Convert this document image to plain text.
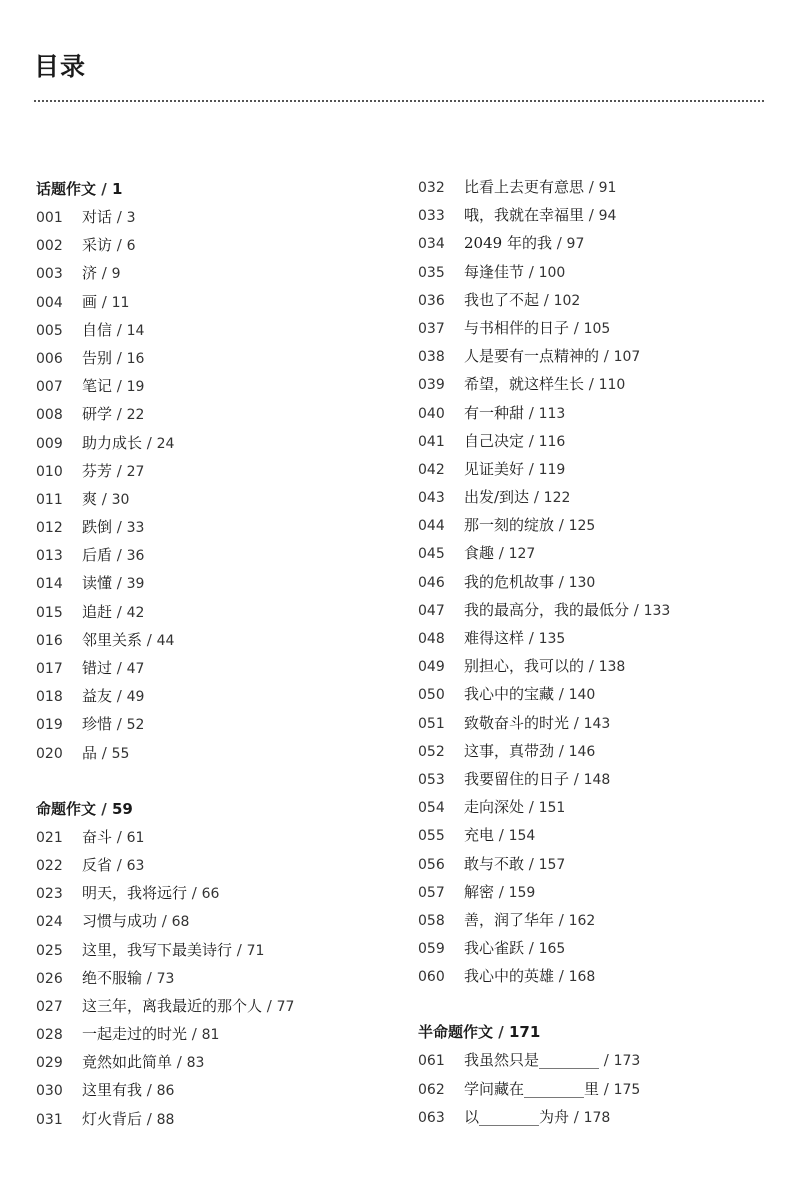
目录
话题作文 / 1
001 对话 / 3
002 采访 / 6
003 济 / 9
004 画 / 11
005 自信 / 14
006 告别 / 16
007 笔记 / 19
008 研学 / 22
009 助力成长 / 24
010 芬芳 / 27
011 爽 / 30
012 跌倒 / 33
013 后盾 / 36
014 读懂 / 39
015 追赶 / 42
016 邻里关系 / 44
017 错过 / 47
018 益友 / 49
019 珍惜 / 52
020 品 / 55
命题作文 / 59
021 奋斗 / 61
022 反省 / 63
023 明天，我将远行 / 66
024 习惯与成功 / 68
025 这里，我写下最美诗行 / 71
026 绝不服输 / 73
027 这三年，离我最近的那个人 / 77
028 一起走过的时光 / 81
029 竟然如此简单 / 83
030 这里有我 / 86
031 灯火背后 / 88
032 比看上去更有意思 / 91
033 哦，我就在幸福里 / 94
034 2049 年的我 / 97
035 每逢佳节 / 100
036 我也了不起 / 102
037 与书相伴的日子 / 105
038 人是要有一点精神的 / 107
039 希望，就这样生长 / 110
040 有一种甜 / 113
041 自己决定 / 116
042 见证美好 / 119
043 出发/到达 / 122
044 那一刻的绽放 / 125
045 食趣 / 127
046 我的危机故事 / 130
047 我的最高分，我的最低分 / 133
048 难得这样 / 135
049 别担心，我可以的 / 138
050 我心中的宝藏 / 140
051 致敬奋斗的时光 / 143
052 这事，真带劲 / 146
053 我要留住的日子 / 148
054 走向深处 / 151
055 充电 / 154
056 敢与不敢 / 157
057 解密 / 159
058 善，润了华年 / 162
059 我心雀跃 / 165
060 我心中的英雄 / 168
半命题作文 / 171
061 我虽然只是________ / 173
062 学问藏在________里 / 175
063 以________为舟 / 178
